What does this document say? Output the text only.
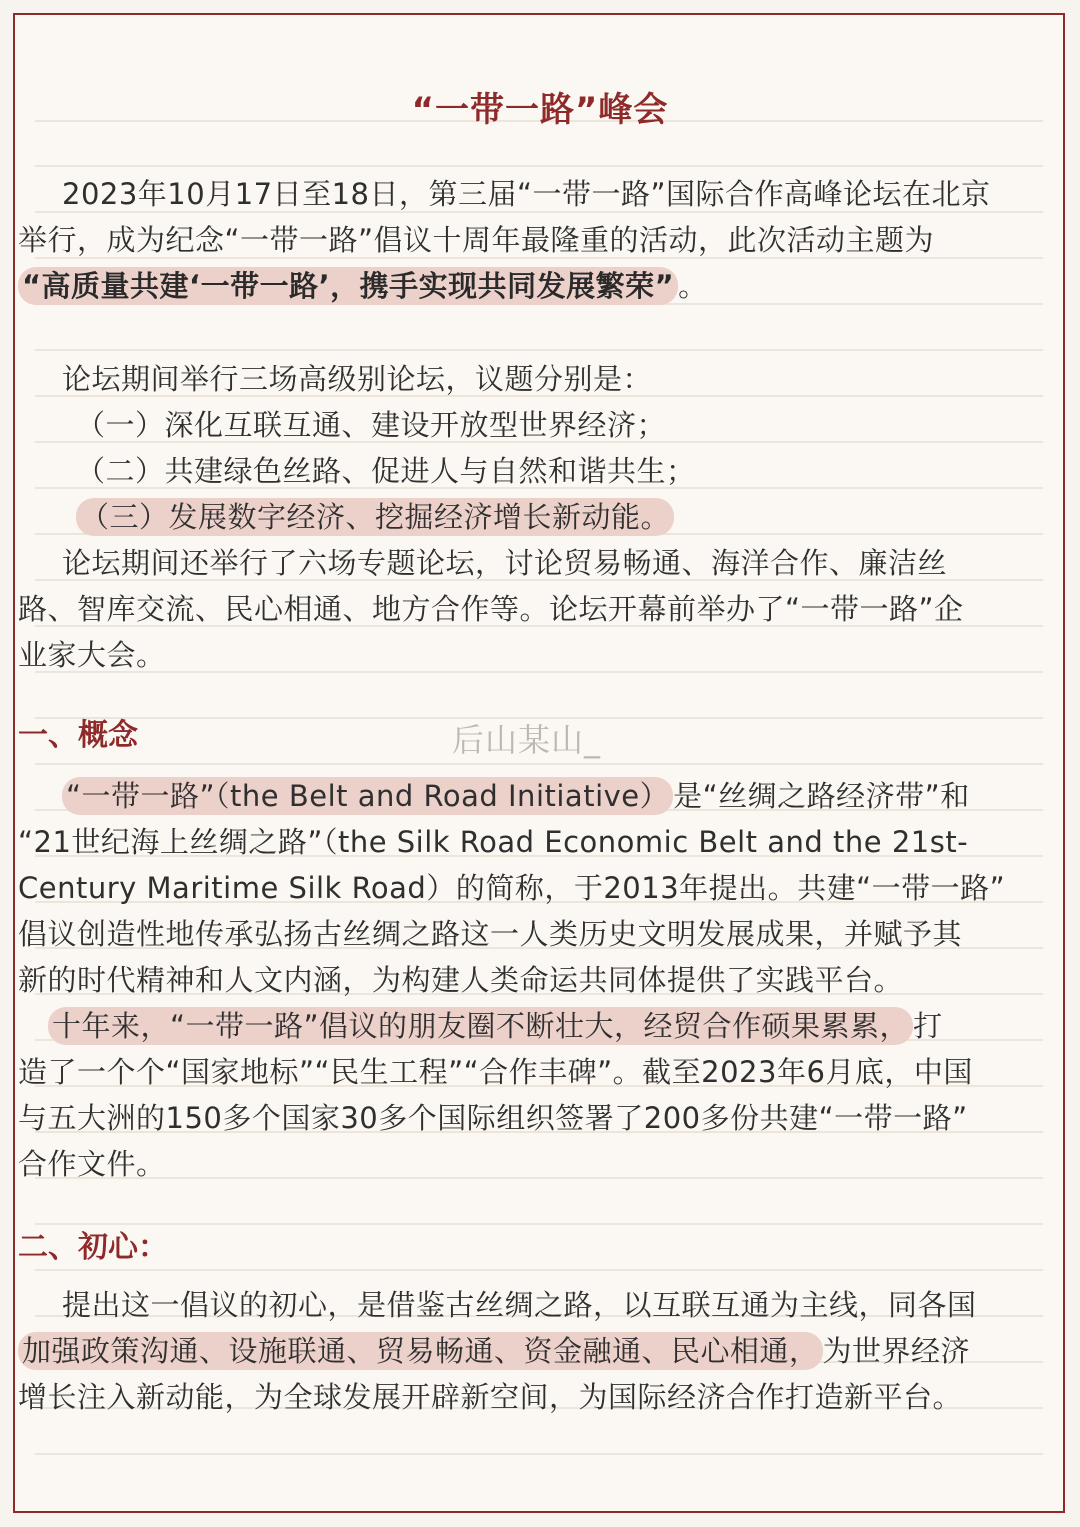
“一带一路”峰会
2023年10月17日至18日，第三届“一带一路”国际合作高峰论坛在北京
举行，成为纪念“一带一路”倡议十周年最隆重的活动，此次活动主题为
“高质量共建‘一带一路’，携手实现共同发展繁荣” 。
论坛期间举行三场高级别论坛，议题分别是：
（一）深化互联互通、建设开放型世界经济；
（二）共建绿色丝路、促进人与自然和谐共生；
（三）发展数字经济、挖掘经济增长新动能。
论坛期间还举行了六场专题论坛，讨论贸易畅通、海洋合作、廉洁丝
路、智库交流、民心相通、地方合作等。论坛开幕前举办了“一带一路”企
业家大会。
一、概念	后山某山_
“一带一路”（the Belt and Road Initiative） 是“丝绸之路经济带”和
“21世纪海上丝绸之路”（the Silk Road Economic Belt and the 21st-
Century Maritime Silk Road）的简称，于2013年提出。共建“一带一路”
倡议创造性地传承弘扬古丝绸之路这一人类历史文明发展成果，并赋予其
新的时代精神和人文内涵，为构建人类命运共同体提供了实践平台。
十年来，“一带一路”倡议的朋友圈不断壮大，经贸合作硕果累累， 打
造了一个个“国家地标”“民生工程”“合作丰碑”。截至2023年6月底，中国
与五大洲的150多个国家30多个国际组织签署了200多份共建“一带一路”
合作文件。
二、初心：
提出这一倡议的初心，是借鉴古丝绸之路，以互联互通为主线，同各国
加强政策沟通、设施联通、贸易畅通、资金融通、民心相通， 为世界经济
增长注入新动能，为全球发展开辟新空间，为国际经济合作打造新平台。
